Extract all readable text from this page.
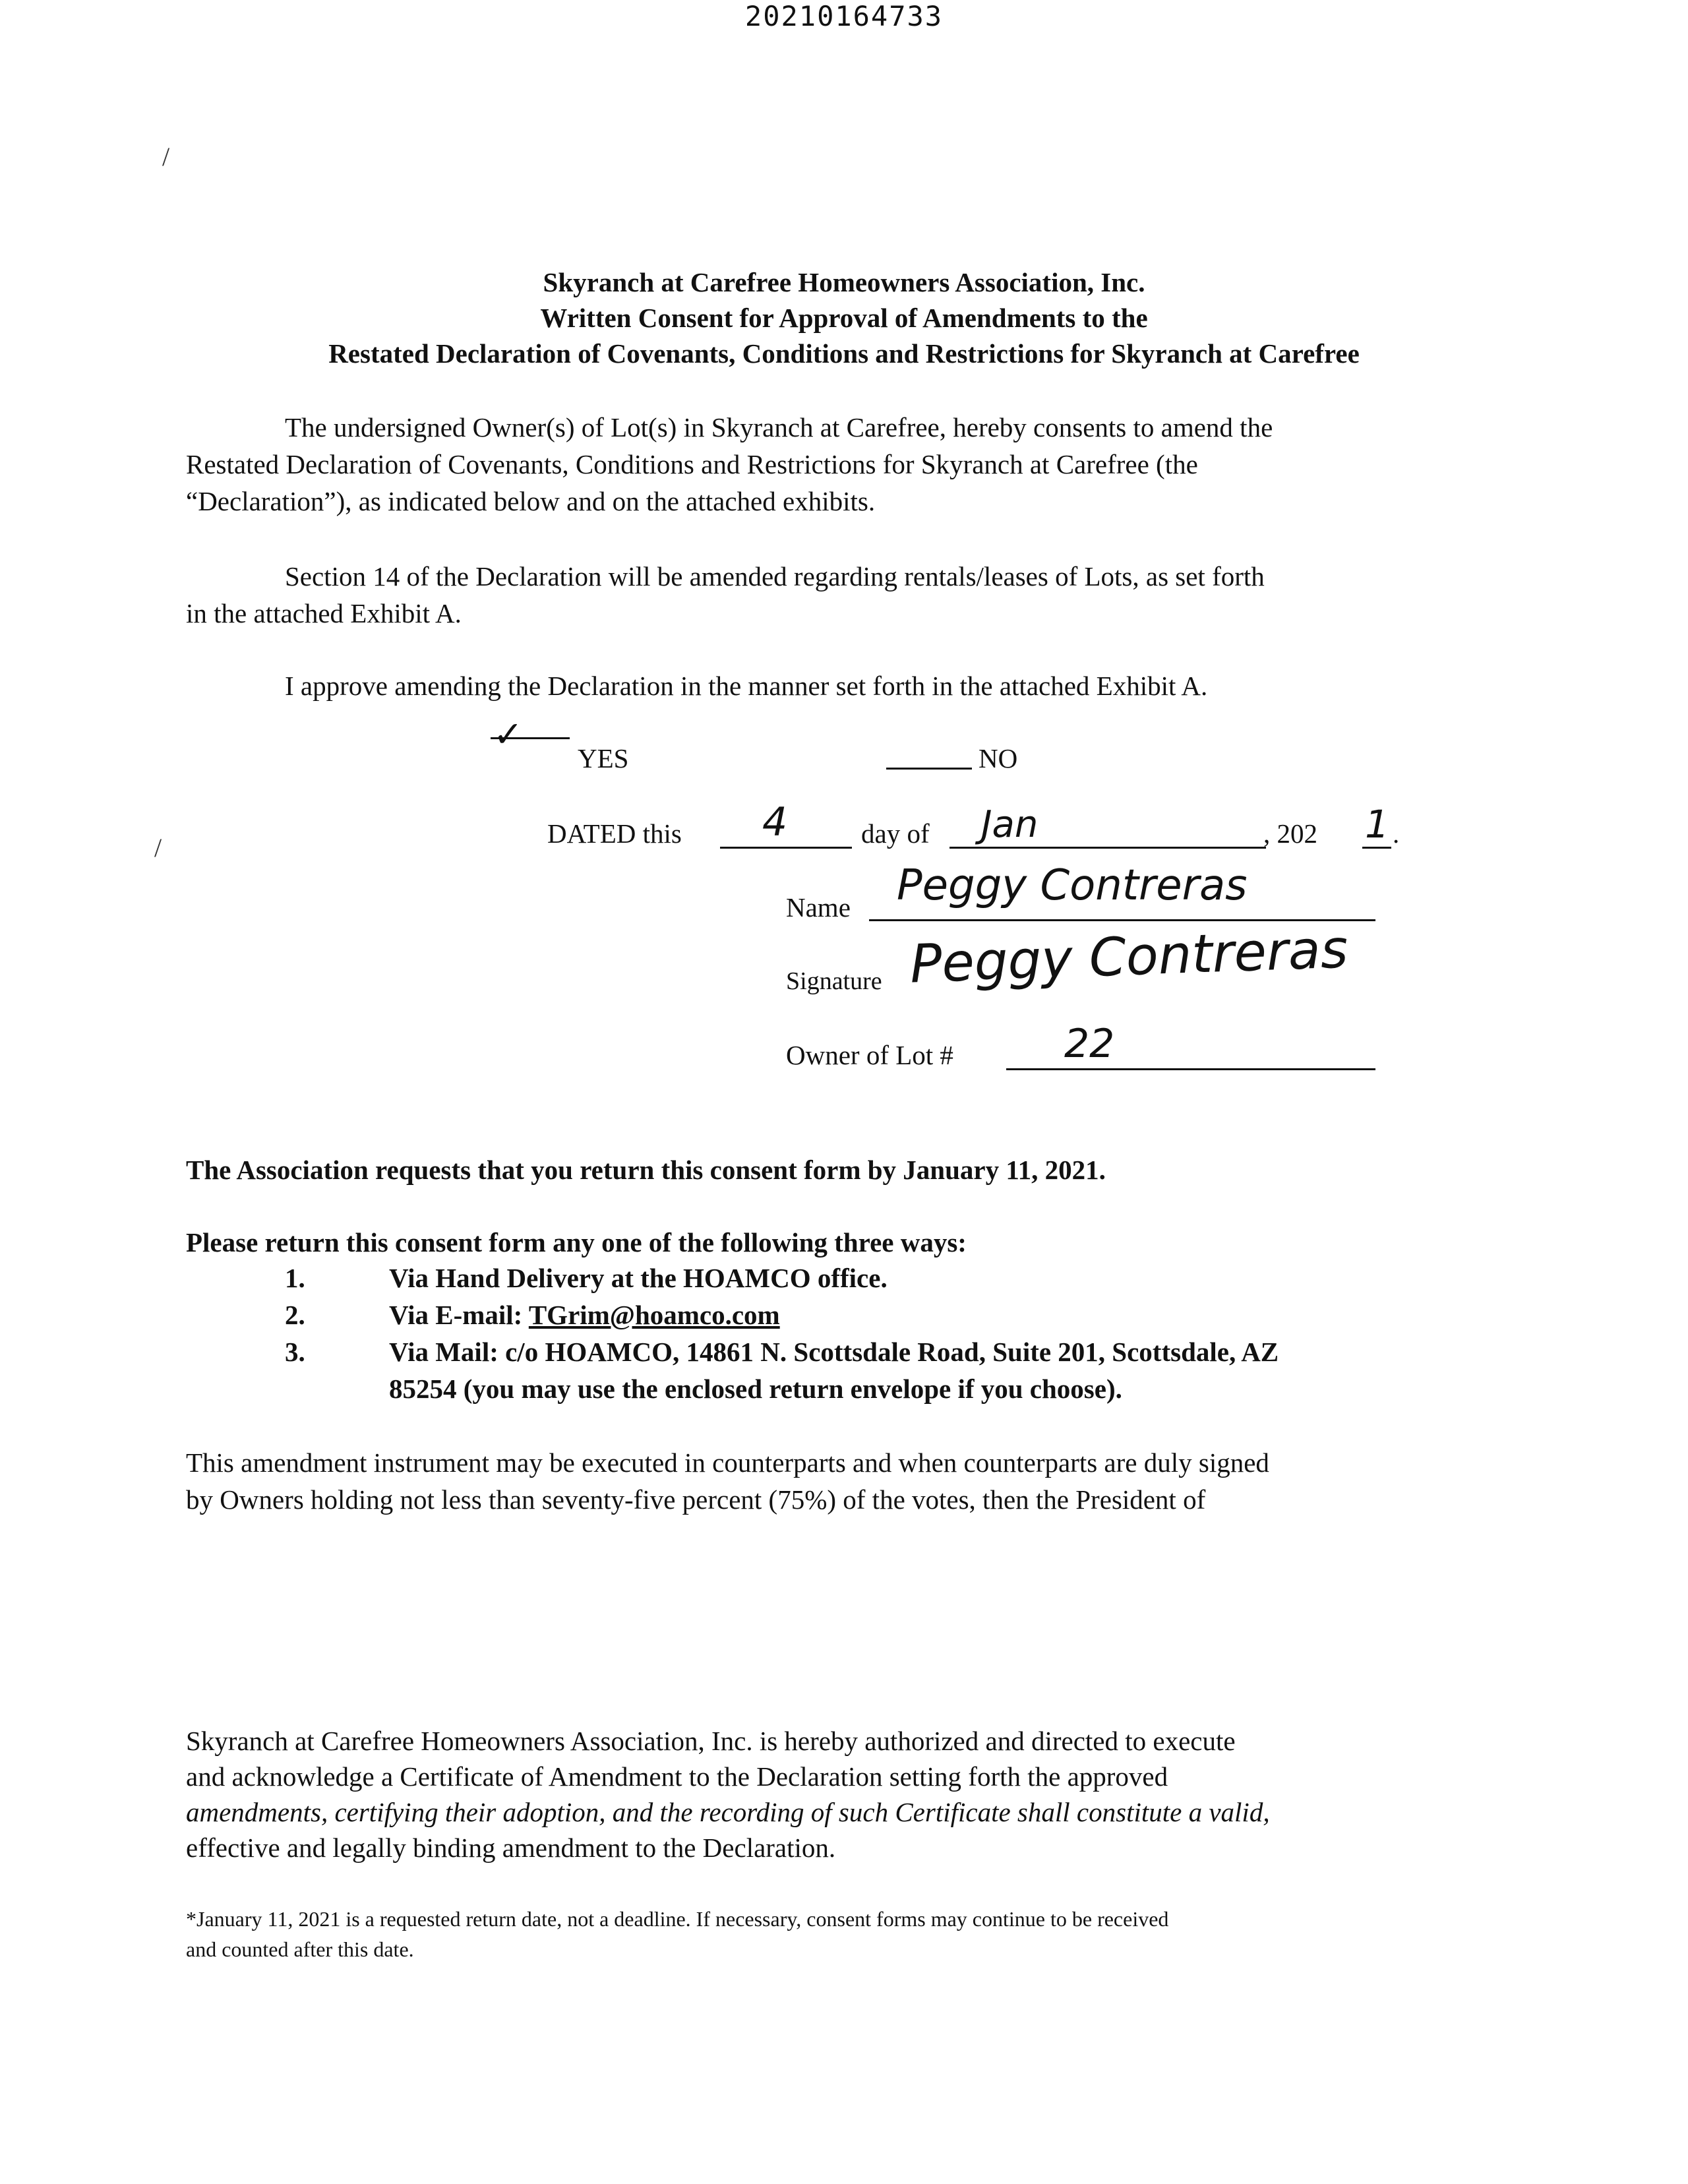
20210164733
/
/
Skyranch at Carefree Homeowners Association, Inc.
Written Consent for Approval of Amendments to the
Restated Declaration of Covenants, Conditions and Restrictions for Skyranch at Carefree
The undersigned Owner(s) of Lot(s) in Skyranch at Carefree, hereby consents to amend the
Restated Declaration of Covenants, Conditions and Restrictions for Skyranch at Carefree (the
“Declaration”), as indicated below and on the attached exhibits.
Section 14 of the Declaration will be amended regarding rentals/leases of Lots, as set forth
in the attached Exhibit A.
I approve amending the Declaration in the manner set forth in the attached Exhibit A.
✓
YES	NO
DATED this 4	day of Jan	, 202 1 .
Name Peggy Contreras
Signature Peggy Contreras
Owner of Lot #	22
The Association requests that you return this consent form by January 11, 2021.
Please return this consent form any one of the following three ways:
1.	Via Hand Delivery at the HOAMCO office.
2.	Via E-mail: TGrim@hoamco.com
3.	Via Mail: c/o HOAMCO, 14861 N. Scottsdale Road, Suite 201, Scottsdale, AZ
85254 (you may use the enclosed return envelope if you choose).
This amendment instrument may be executed in counterparts and when counterparts are duly signed
by Owners holding not less than seventy-five percent (75%) of the votes, then the President of
Skyranch at Carefree Homeowners Association, Inc. is hereby authorized and directed to execute
and acknowledge a Certificate of Amendment to the Declaration setting forth the approved
amendments, certifying their adoption, and the recording of such Certificate shall constitute a valid,
effective and legally binding amendment to the Declaration.
*January 11, 2021 is a requested return date, not a deadline. If necessary, consent forms may continue to be received
and counted after this date.
